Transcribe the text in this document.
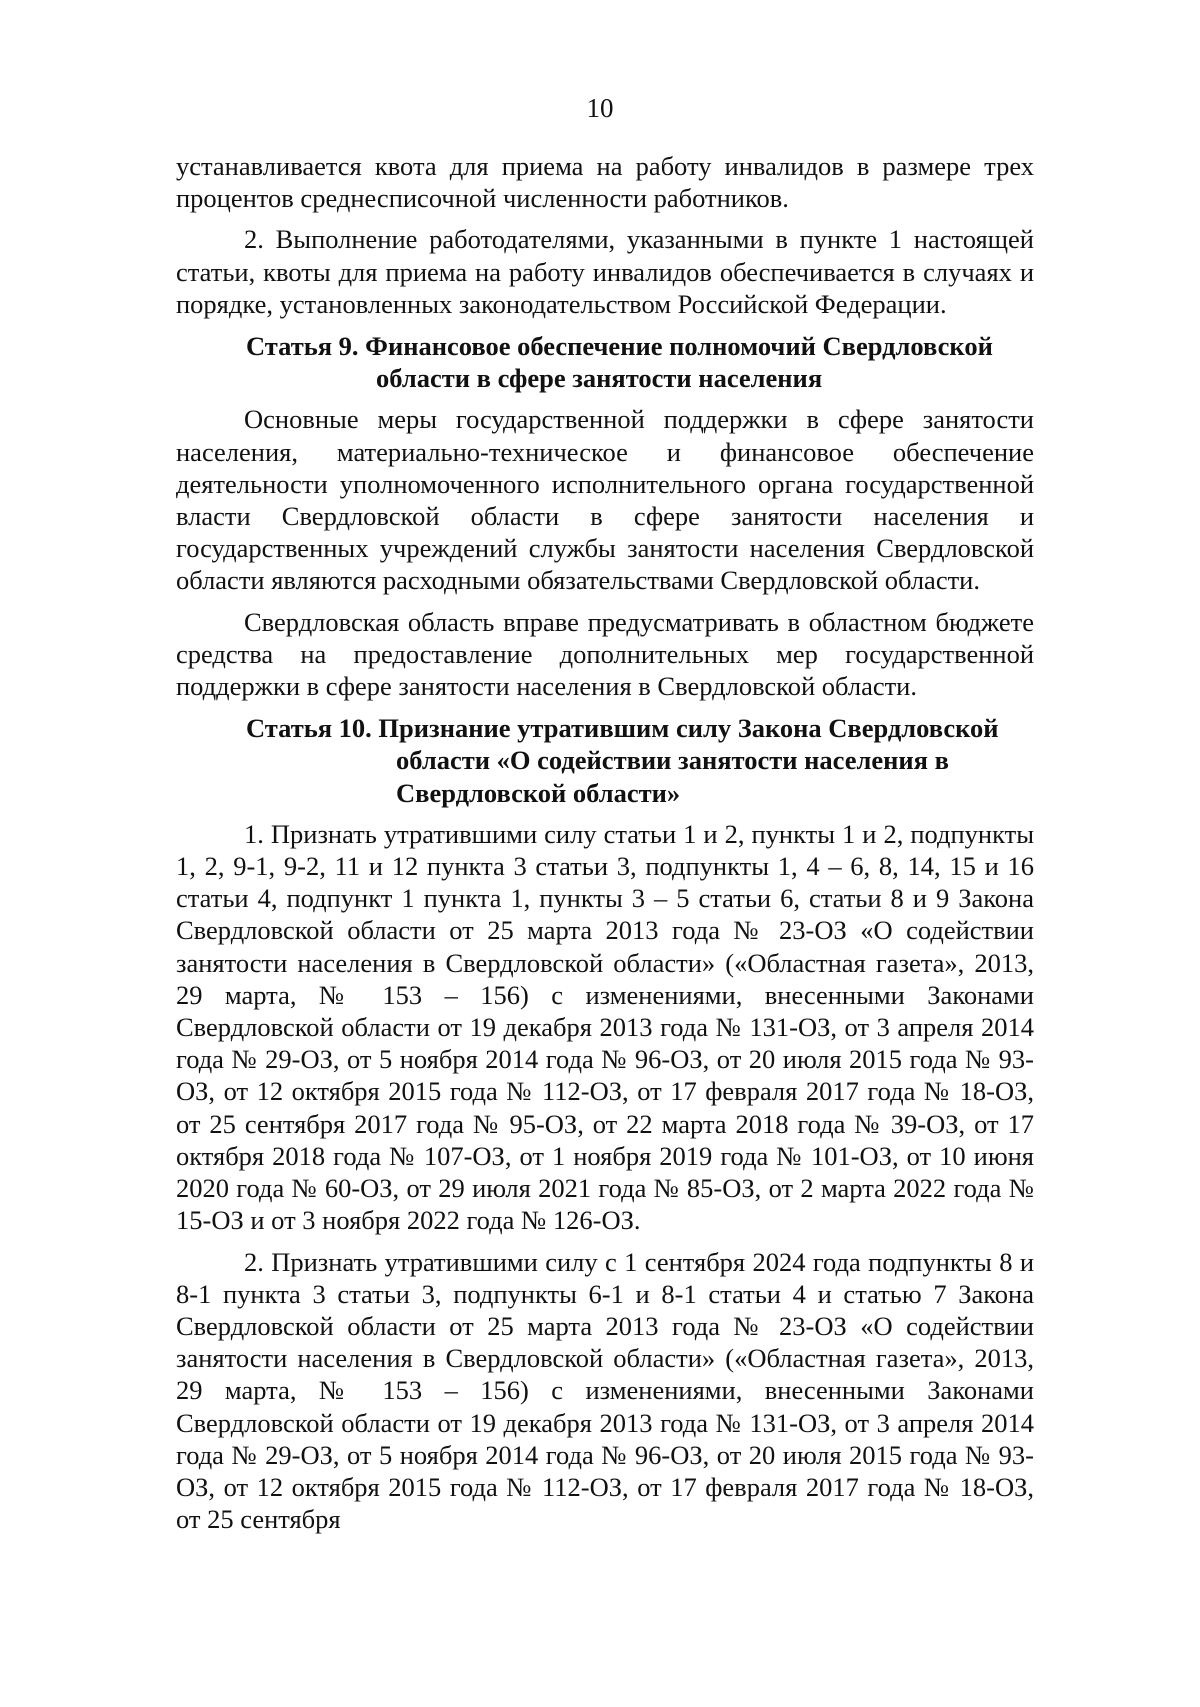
10

устанавливается квота для приема на работу инвалидов в размере трех процентов среднесписочной численности работников.

2. Выполнение работодателями, указанными в пункте 1 настоящей статьи, квоты для приема на работу инвалидов обеспечивается в случаях и порядке, установленных законодательством Российской Федерации.

Статья 9. Финансовое обеспечение полномочий Свердловской
области в сфере занятости населения

Основные меры государственной поддержки в сфере занятости населения, материально-техническое и финансовое обеспечение деятельности уполномоченного исполнительного органа государственной власти Свердловской области в сфере занятости населения и государственных учреждений службы занятости населения Свердловской области являются расходными обязательствами Свердловской области.

Свердловская область вправе предусматривать в областном бюджете средства на предоставление дополнительных мер государственной поддержки в сфере занятости населения в Свердловской области.

Статья 10. Признание утратившим силу Закона Свердловской
области «О содействии занятости населения в
Свердловской области»

1. Признать утратившими силу статьи 1 и 2, пункты 1 и 2, подпункты 1, 2, 9-1, 9-2, 11 и 12 пункта 3 статьи 3, подпункты 1, 4 – 6, 8, 14, 15 и 16 статьи 4, подпункт 1 пункта 1, пункты 3 – 5 статьи 6, статьи 8 и 9 Закона Свердловской области от 25 марта 2013 года № 23-ОЗ «О содействии занятости населения в Свердловской области» («Областная газета», 2013, 29 марта, № 153 – 156) с изменениями, внесенными Законами Свердловской области от 19 декабря 2013 года № 131-ОЗ, от 3 апреля 2014 года № 29-ОЗ, от 5 ноября 2014 года № 96-ОЗ, от 20 июля 2015 года № 93-ОЗ, от 12 октября 2015 года № 112-ОЗ, от 17 февраля 2017 года № 18-ОЗ, от 25 сентября 2017 года № 95-ОЗ, от 22 марта 2018 года № 39-ОЗ, от 17 октября 2018 года № 107-ОЗ, от 1 ноября 2019 года № 101-ОЗ, от 10 июня 2020 года № 60-ОЗ, от 29 июля 2021 года № 85-ОЗ, от 2 марта 2022 года № 15-ОЗ и от 3 ноября 2022 года № 126-ОЗ.

2. Признать утратившими силу с 1 сентября 2024 года подпункты 8 и 8-1 пункта 3 статьи 3, подпункты 6-1 и 8-1 статьи 4 и статью 7 Закона Свердловской области от 25 марта 2013 года № 23-ОЗ «О содействии занятости населения в Свердловской области» («Областная газета», 2013, 29 марта, № 153 – 156) с изменениями, внесенными Законами Свердловской области от 19 декабря 2013 года № 131-ОЗ, от 3 апреля 2014 года № 29-ОЗ, от 5 ноября 2014 года № 96-ОЗ, от 20 июля 2015 года № 93-ОЗ, от 12 октября 2015 года № 112-ОЗ, от 17 февраля 2017 года № 18-ОЗ, от 25 сентября
